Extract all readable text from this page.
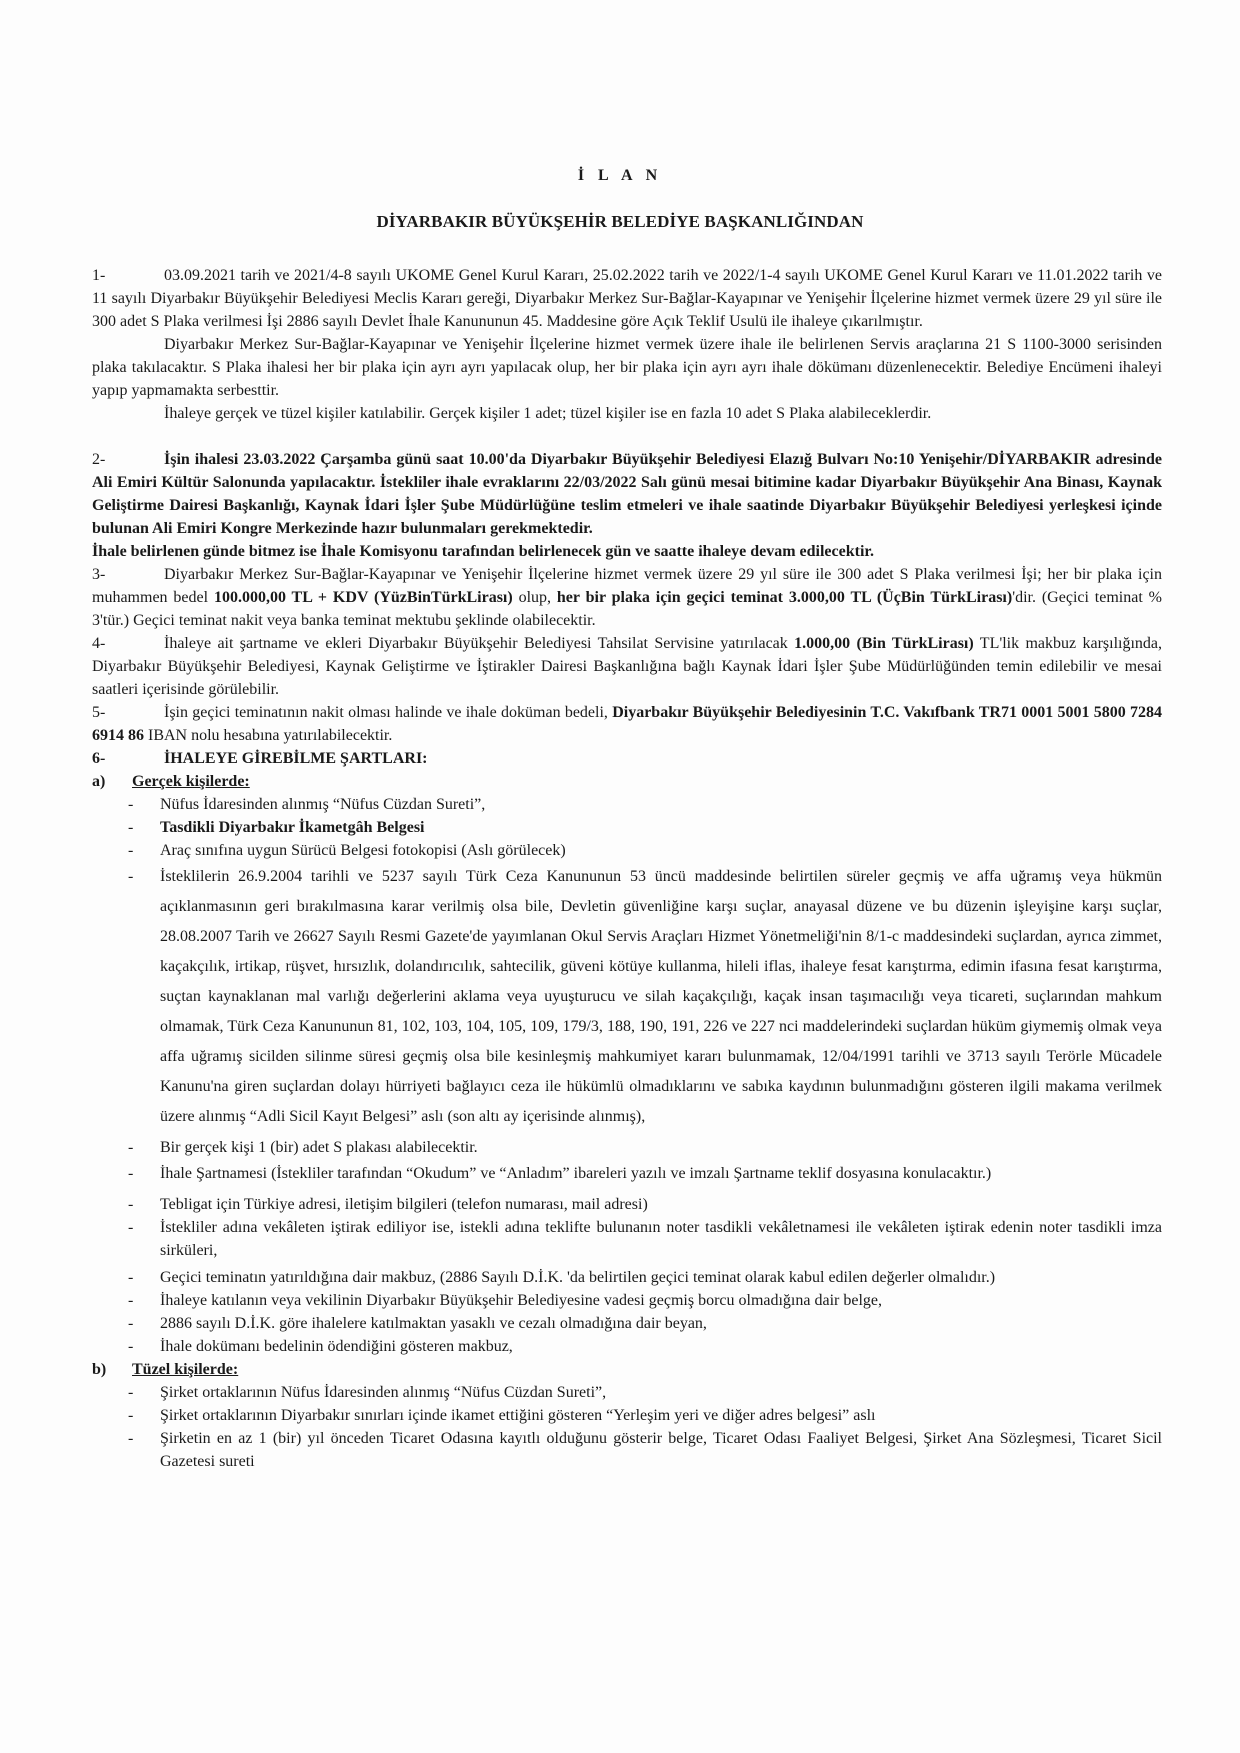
İ L A N
DİYARBAKIR BÜYÜKŞEHİR BELEDİYE BAŞKANLIĞINDAN

1-	03.09.2021 tarih ve 2021/4-8 sayılı UKOME Genel Kurul Kararı, 25.02.2022 tarih ve 2022/1-4 sayılı UKOME Genel Kurul Kararı ve 11.01.2022 tarih ve 11 sayılı Diyarbakır Büyükşehir Belediyesi Meclis Kararı gereği, Diyarbakır Merkez Sur-Bağlar-Kayapınar ve Yenişehir İlçelerine hizmet vermek üzere 29 yıl süre ile 300 adet S Plaka verilmesi İşi 2886 sayılı Devlet İhale Kanununun 45. Maddesine göre Açık Teklif Usulü ile ihaleye çıkarılmıştır.

Diyarbakır Merkez Sur-Bağlar-Kayapınar ve Yenişehir İlçelerine hizmet vermek üzere ihale ile belirlenen Servis araçlarına 21 S 1100-3000 serisinden plaka takılacaktır. S Plaka ihalesi her bir plaka için ayrı ayrı yapılacak olup, her bir plaka için ayrı ayrı ihale dökümanı düzenlenecektir. Belediye Encümeni ihaleyi yapıp yapmamakta serbesttir.

İhaleye gerçek ve tüzel kişiler katılabilir. Gerçek kişiler 1 adet; tüzel kişiler ise en fazla 10 adet S Plaka alabileceklerdir.

2-	İşin ihalesi 23.03.2022 Çarşamba günü saat 10.00'da Diyarbakır Büyükşehir Belediyesi Elazığ Bulvarı No:10 Yenişehir/DİYARBAKIR adresinde Ali Emiri Kültür Salonunda yapılacaktır. İstekliler ihale evraklarını 22/03/2022 Salı günü mesai bitimine kadar Diyarbakır Büyükşehir Ana Binası, Kaynak Geliştirme Dairesi Başkanlığı, Kaynak İdari İşler Şube Müdürlüğüne teslim etmeleri ve ihale saatinde Diyarbakır Büyükşehir Belediyesi yerleşkesi içinde bulunan Ali Emiri Kongre Merkezinde hazır bulunmaları gerekmektedir.

İhale belirlenen günde bitmez ise İhale Komisyonu tarafından belirlenecek gün ve saatte ihaleye devam edilecektir.

3-	Diyarbakır Merkez Sur-Bağlar-Kayapınar ve Yenişehir İlçelerine hizmet vermek üzere 29 yıl süre ile 300 adet S Plaka verilmesi İşi; her bir plaka için muhammen bedel 100.000,00 TL + KDV (YüzBinTürkLirası) olup, her bir plaka için geçici teminat 3.000,00 TL (ÜçBin TürkLirası)'dir. (Geçici teminat % 3'tür.) Geçici teminat nakit veya banka teminat mektubu şeklinde olabilecektir.

4-	İhaleye ait şartname ve ekleri Diyarbakır Büyükşehir Belediyesi Tahsilat Servisine yatırılacak 1.000,00 (Bin TürkLirası) TL'lik makbuz karşılığında, Diyarbakır Büyükşehir Belediyesi, Kaynak Geliştirme ve İştirakler Dairesi Başkanlığına bağlı Kaynak İdari İşler Şube Müdürlüğünden temin edilebilir ve mesai saatleri içerisinde görülebilir.

5-	İşin geçici teminatının nakit olması halinde ve ihale doküman bedeli, Diyarbakır Büyükşehir Belediyesinin T.C. Vakıfbank TR71 0001 5001 5800 7284 6914 86 IBAN nolu hesabına yatırılabilecektir.

6-	İHALEYE GİREBİLME ŞARTLARI:

a)	Gerçek kişilerde:
- Nüfus İdaresinden alınmış “Nüfus Cüzdan Sureti”,
- Tasdikli Diyarbakır İkametgâh Belgesi
- Araç sınıfına uygun Sürücü Belgesi fotokopisi (Aslı görülecek)
- İsteklilerin 26.9.2004 tarihli ve 5237 sayılı Türk Ceza Kanununun 53 üncü maddesinde belirtilen süreler geçmiş ve affa uğramış veya hükmün açıklanmasının geri bırakılmasına karar verilmiş olsa bile, Devletin güvenliğine karşı suçlar, anayasal düzene ve bu düzenin işleyişine karşı suçlar, 28.08.2007 Tarih ve 26627 Sayılı Resmi Gazete'de yayımlanan Okul Servis Araçları Hizmet Yönetmeliği'nin 8/1-c maddesindeki suçlardan, ayrıca zimmet, kaçakçılık, irtikap, rüşvet, hırsızlık, dolandırıcılık, sahtecilik, güveni kötüye kullanma, hileli iflas, ihaleye fesat karıştırma, edimin ifasına fesat karıştırma, suçtan kaynaklanan mal varlığı değerlerini aklama veya uyuşturucu ve silah kaçakçılığı, kaçak insan taşımacılığı veya ticareti, suçlarından mahkum olmamak, Türk Ceza Kanununun 81, 102, 103, 104, 105, 109, 179/3, 188, 190, 191, 226 ve 227 nci maddelerindeki suçlardan hüküm giymemiş olmak veya affa uğramış sicilden silinme süresi geçmiş olsa bile kesinleşmiş mahkumiyet kararı bulunmamak, 12/04/1991 tarihli ve 3713 sayılı Terörle Mücadele Kanunu'na giren suçlardan dolayı hürriyeti bağlayıcı ceza ile hükümlü olmadıklarını ve sabıka kaydının bulunmadığını gösteren ilgili makama verilmek üzere alınmış “Adli Sicil Kayıt Belgesi” aslı (son altı ay içerisinde alınmış),
- Bir gerçek kişi 1 (bir) adet S plakası alabilecektir.
- İhale Şartnamesi (İstekliler tarafından “Okudum” ve “Anladım” ibareleri yazılı ve imzalı Şartname teklif dosyasına konulacaktır.)
- Tebligat için Türkiye adresi, iletişim bilgileri (telefon numarası, mail adresi)
- İstekliler adına vekâleten iştirak ediliyor ise, istekli adına teklifte bulunanın noter tasdikli vekâletnamesi ile vekâleten iştirak edenin noter tasdikli imza sirküleri,
- Geçici teminatın yatırıldığına dair makbuz, (2886 Sayılı D.İ.K. 'da belirtilen geçici teminat olarak kabul edilen değerler olmalıdır.)
- İhaleye katılanın veya vekilinin Diyarbakır Büyükşehir Belediyesine vadesi geçmiş borcu olmadığına dair belge,
- 2886 sayılı D.İ.K. göre ihalelere katılmaktan yasaklı ve cezalı olmadığına dair beyan,
- İhale dokümanı bedelinin ödendiğini gösteren makbuz,
b)	Tüzel kişilerde:
- Şirket ortaklarının Nüfus İdaresinden alınmış “Nüfus Cüzdan Sureti”,
- Şirket ortaklarının Diyarbakır sınırları içinde ikamet ettiğini gösteren “Yerleşim yeri ve diğer adres belgesi” aslı
- Şirketin en az 1 (bir) yıl önceden Ticaret Odasına kayıtlı olduğunu gösterir belge, Ticaret Odası Faaliyet Belgesi, Şirket Ana Sözleşmesi, Ticaret Sicil Gazetesi sureti
